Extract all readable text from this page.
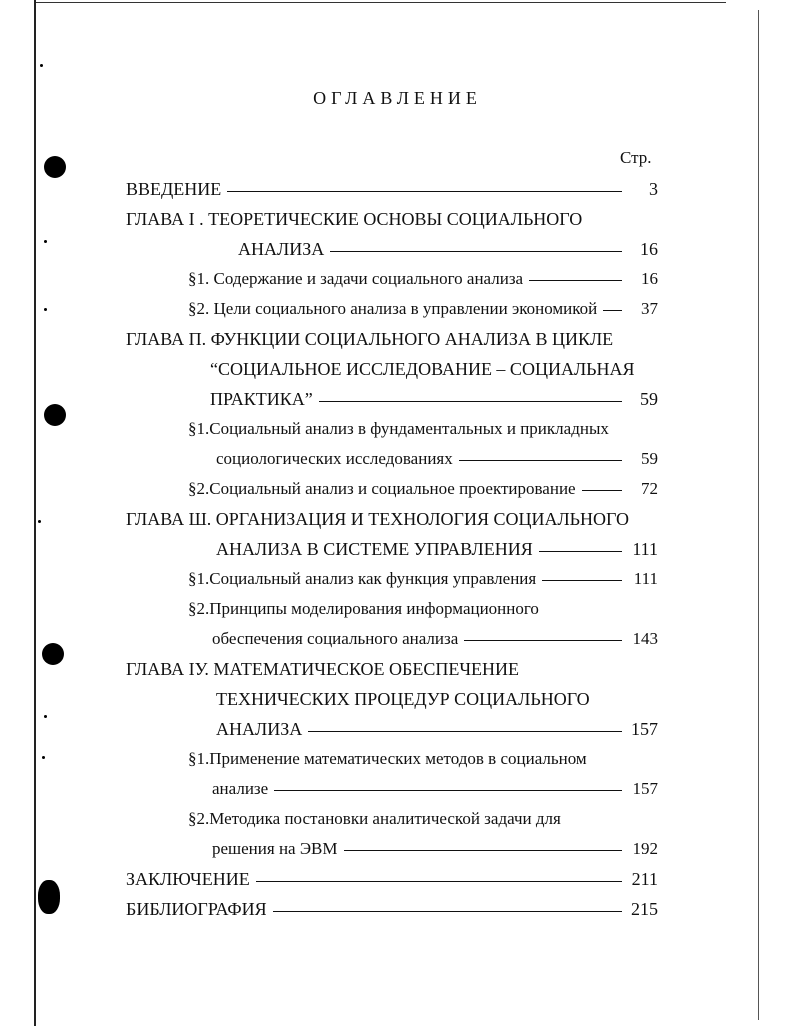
ОГЛАВЛЕНИЕ
Стр.
ВВЕДЕНИЕ	3
ГЛАВА I . ТЕОРЕТИЧЕСКИЕ ОСНОВЫ СОЦИАЛЬНОГО
АНАЛИЗА	16
§1. Содержание и задачи социального анализа	16
§2. Цели социального анализа в управлении экономикой	37
ГЛАВА П. ФУНКЦИИ СОЦИАЛЬНОГО АНАЛИЗА В ЦИКЛЕ
“СОЦИАЛЬНОЕ ИССЛЕДОВАНИЕ – СОЦИАЛЬНАЯ
ПРАКТИКА”	59
§1.Социальный анализ в фундаментальных и прикладных
социологических исследованиях	59
§2.Социальный анализ и социальное проектирование	72
ГЛАВА Ш. ОРГАНИЗАЦИЯ И ТЕХНОЛОГИЯ СОЦИАЛЬНОГО
АНАЛИЗА В СИСТЕМЕ УПРАВЛЕНИЯ	111
§1.Социальный анализ как функция управления	111
§2.Принципы моделирования информационного
обеспечения социального анализа	143
ГЛАВА IУ. МАТЕМАТИЧЕСКОЕ ОБЕСПЕЧЕНИЕ
ТЕХНИЧЕСКИХ ПРОЦЕДУР СОЦИАЛЬНОГО
АНАЛИЗА	157
§1.Применение математических методов в социальном
анализе	157
§2.Методика постановки аналитической задачи для
решения на ЭВМ	192
ЗАКЛЮЧЕНИЕ	211
БИБЛИОГРАФИЯ	215
